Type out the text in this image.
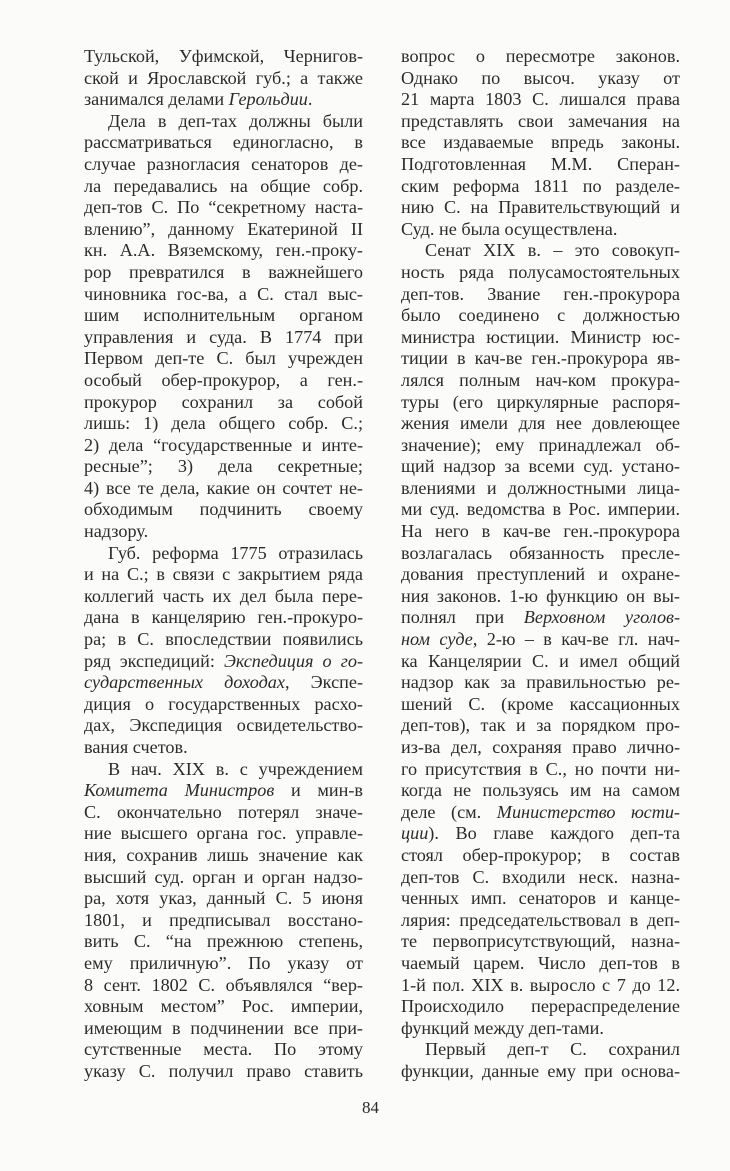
Тульской, Уфимской, Чернигов-
ской и Ярославской губ.; а также
занимался делами Герольдии.
Дела в деп-тах должны были
рассматриваться единогласно, в
случае разногласия сенаторов де-
ла передавались на общие собр.
деп-тов С. По “секретному наста-
влению”, данному Екатериной II
кн. А.А. Вяземскому, ген.-проку-
рор превратился в важнейшего
чиновника гос-ва, а С. стал выс-
шим исполнительным органом
управления и суда. В 1774 при
Первом деп-те С. был учрежден
особый обер-прокурор, а ген.-
прокурор сохранил за собой
лишь: 1) дела общего собр. С.;
2) дела “государственные и инте-
ресные”; 3) дела секретные;
4) все те дела, какие он сочтет не-
обходимым подчинить своему
надзору.
Губ. реформа 1775 отразилась
и на С.; в связи с закрытием ряда
коллегий часть их дел была пере-
дана в канцелярию ген.-прокуро-
ра; в С. впоследствии появились
ряд экспедиций: Экспедиция о го-
сударственных доходах, Экспе-
диция о государственных расхо-
дах, Экспедиция освидетельство-
вания счетов.
В нач. XIX в. с учреждением
Комитета Министров и мин-в
С. окончательно потерял значе-
ние высшего органа гос. управле-
ния, сохранив лишь значение как
высший суд. орган и орган надзо-
ра, хотя указ, данный С. 5 июня
1801, и предписывал восстано-
вить С. “на прежнюю степень,
ему приличную”. По указу от
8 сент. 1802 С. объявлялся “вер-
ховным местом” Рос. империи,
имеющим в подчинении все при-
сутственные места. По этому
указу С. получил право ставить
вопрос о пересмотре законов.
Однако по высоч. указу от
21 марта 1803 С. лишался права
представлять свои замечания на
все издаваемые впредь законы.
Подготовленная М.М. Сперан-
ским реформа 1811 по разделе-
нию С. на Правительствующий и
Суд. не была осуществлена.
Сенат XIX в. – это совокуп-
ность ряда полусамостоятельных
деп-тов. Звание ген.-прокурора
было соединено с должностью
министра юстиции. Министр юс-
тиции в кач-ве ген.-прокурора яв-
лялся полным нач-ком прокура-
туры (его циркулярные распоря-
жения имели для нее довлеющее
значение); ему принадлежал об-
щий надзор за всеми суд. устано-
влениями и должностными лица-
ми суд. ведомства в Рос. империи.
На него в кач-ве ген.-прокурора
возлагалась обязанность пресле-
дования преступлений и охране-
ния законов. 1-ю функцию он вы-
полнял при Верховном уголов-
ном суде, 2-ю – в кач-ве гл. нач-
ка Канцелярии С. и имел общий
надзор как за правильностью ре-
шений С. (кроме кассационных
деп-тов), так и за порядком про-
из-ва дел, сохраняя право лично-
го присутствия в С., но почти ни-
когда не пользуясь им на самом
деле (см. Министерство юсти-
ции). Во главе каждого деп-та
стоял обер-прокурор; в состав
деп-тов С. входили неск. назна-
ченных имп. сенаторов и канце-
лярия: председательствовал в деп-
те первоприсутствующий, назна-
чаемый царем. Число деп-тов в
1-й пол. XIX в. выросло с 7 до 12.
Происходило перераспределение
функций между деп-тами.
Первый деп-т С. сохранил
функции, данные ему при основа-
84
